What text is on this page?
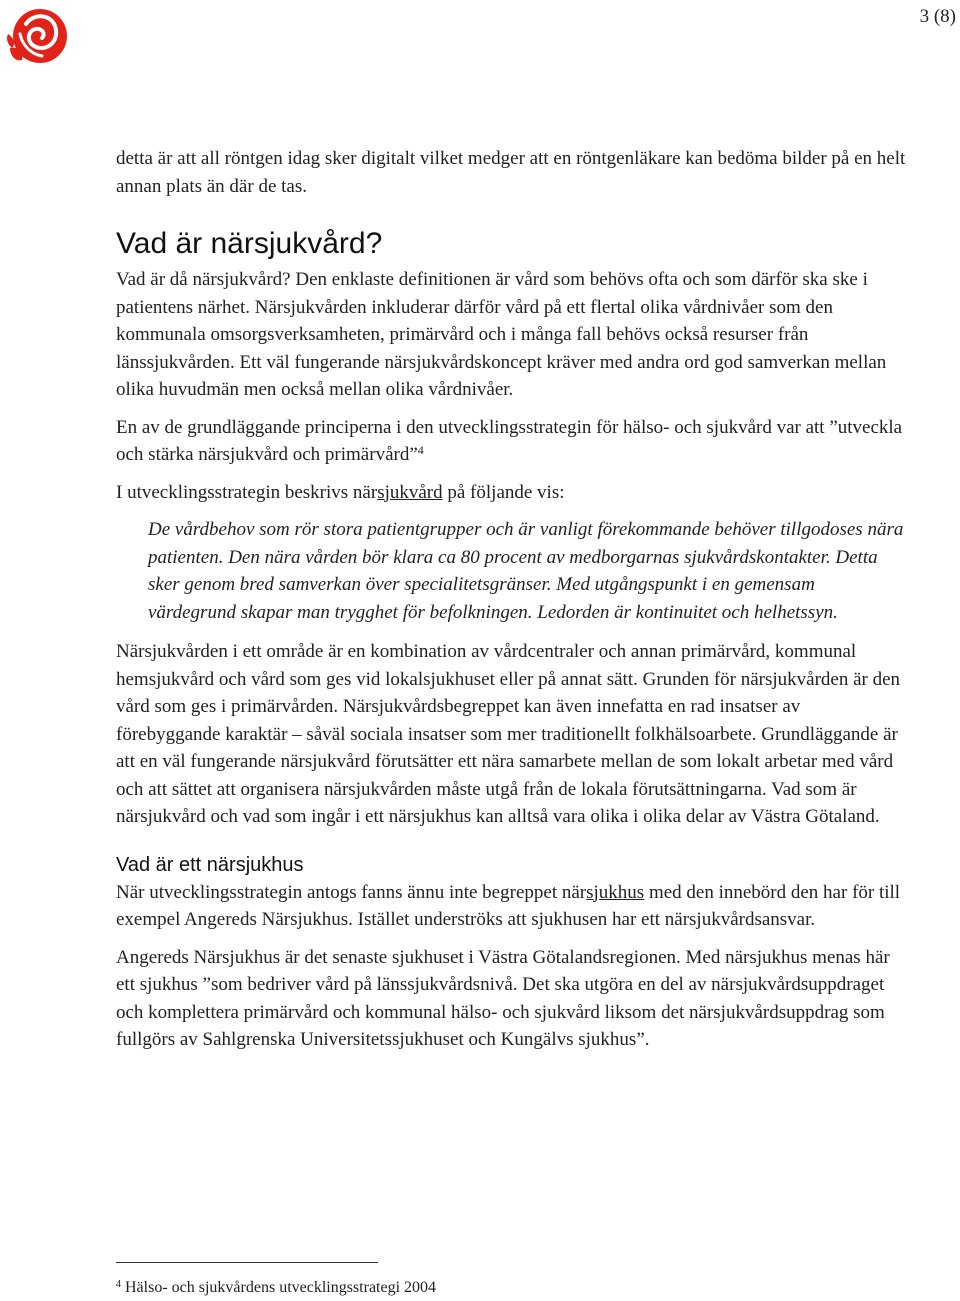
3 (8)

detta är att all röntgen idag sker digitalt vilket medger att en röntgenläkare kan bedöma bilder på en helt annan plats än där de tas.

Vad är närsjukvård?

Vad är då närsjukvård? Den enklaste definitionen är vård som behövs ofta och som därför ska ske i patientens närhet. Närsjukvården inkluderar därför vård på ett flertal olika vårdnivåer som den kommunala omsorgsverksamheten, primärvård och i många fall behövs också resurser från länssjukvården. Ett väl fungerande närsjukvårdskoncept kräver med andra ord god samverkan mellan olika huvudmän men också mellan olika vårdnivåer.

En av de grundläggande principerna i den utvecklingsstrategin för hälso- och sjukvård var att ”utveckla och stärka närsjukvård och primärvård”$^4$

I utvecklingsstrategin beskrivs närsjukvård på följande vis:

De vårdbehov som rör stora patientgrupper och är vanligt förekommande behöver tillgodoses nära patienten. Den nära vården bör klara ca 80 procent av medborgarnas sjukvårdskontakter. Detta sker genom bred samverkan över specialitetsgränser. Med utgångspunkt i en gemensam värdegrund skapar man trygghet för befolkningen. Ledorden är kontinuitet och helhetssyn.

Närsjukvården i ett område är en kombination av vårdcentraler och annan primärvård, kommunal hemsjukvård och vård som ges vid lokalsjukhuset eller på annat sätt. Grunden för närsjukvården är den vård som ges i primärvården. Närsjukvårdsbegreppet kan även innefatta en rad insatser av förebyggande karaktär – såväl sociala insatser som mer traditionellt folkhälsoarbete. Grundläggande är att en väl fungerande närsjukvård förutsätter ett nära samarbete mellan de som lokalt arbetar med vård och att sättet att organisera närsjukvården måste utgå från de lokala förutsättningarna. Vad som är närsjukvård och vad som ingår i ett närsjukhus kan alltså vara olika i olika delar av Västra Götaland.

Vad är ett närsjukhus

När utvecklingsstrategin antogs fanns ännu inte begreppet närsjukhus med den innebörd den har för till exempel Angereds Närsjukhus. Istället underströks att sjukhusen har ett närsjukvårdsansvar.

Angereds Närsjukhus är det senaste sjukhuset i Västra Götalandsregionen. Med närsjukhus menas här ett sjukhus ”som bedriver vård på länssjukvårdsnivå. Det ska utgöra en del av närsjukvårdsuppdraget och komplettera primärvård och kommunal hälso- och sjukvård liksom det närsjukvårdsuppdrag som fullgörs av Sahlgrenska Universitetssjukhuset och Kungälvs sjukhus”.

$^4$ Hälso- och sjukvårdens utvecklingsstrategi 2004
